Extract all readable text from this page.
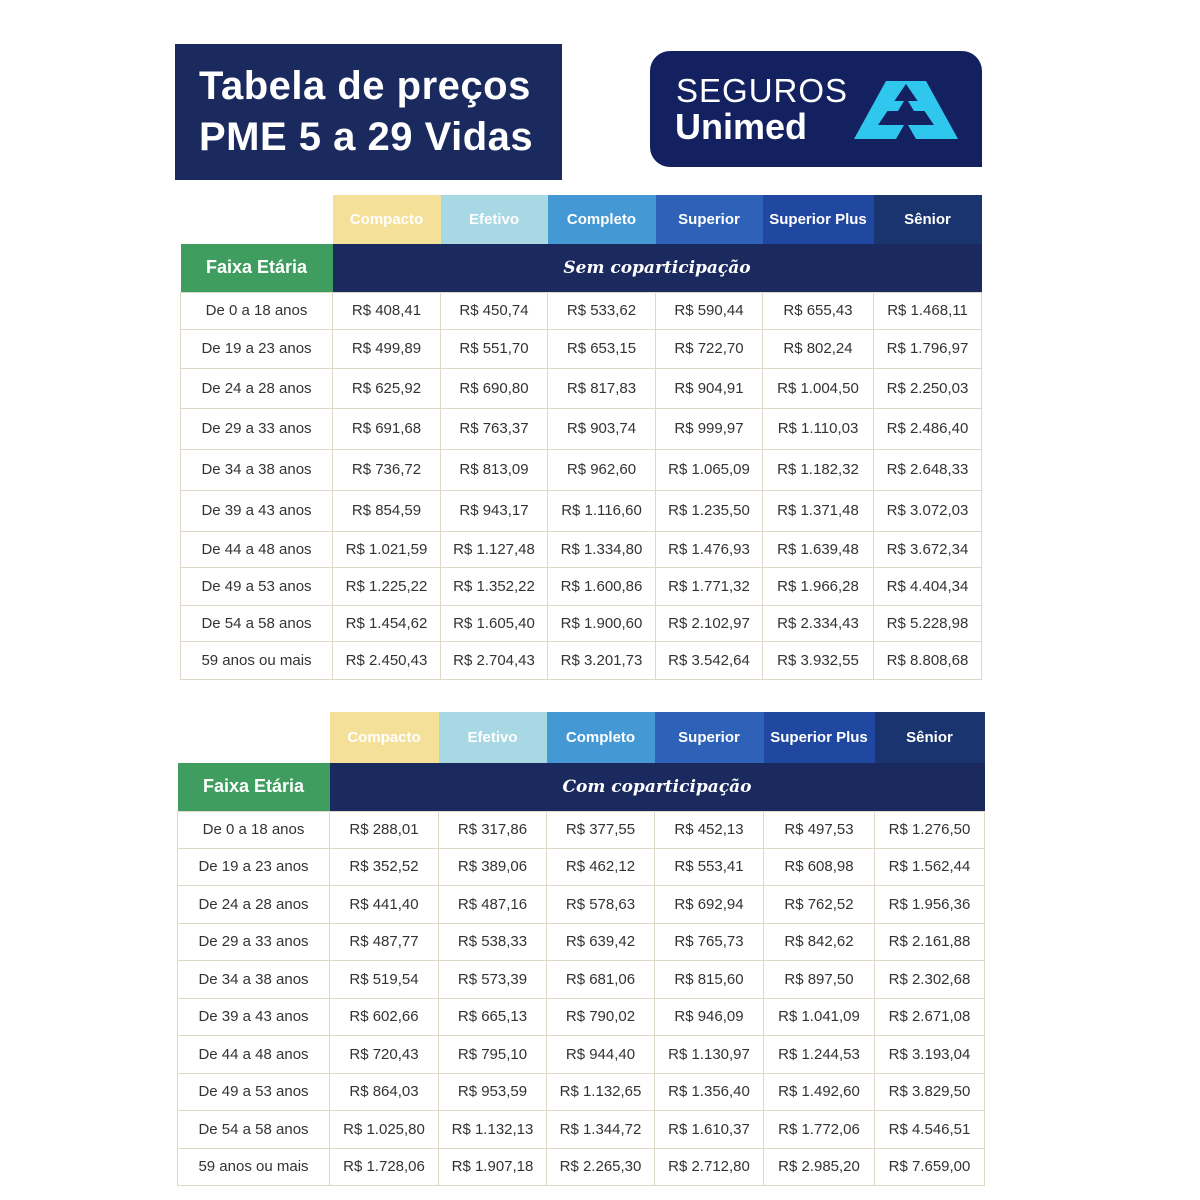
Tabela de preços
PME 5 a 29 Vidas
SEGUROS
Unimed
	Compacto	Efetivo	Completo	Superior	Superior Plus	Sênior
Faixa Etária	Sem coparticipação					
De 0 a 18 anos	R$ 408,41	R$ 450,74	R$ 533,62	R$ 590,44	R$ 655,43	R$ 1.468,11
De 19 a 23 anos	R$ 499,89	R$ 551,70	R$ 653,15	R$ 722,70	R$ 802,24	R$ 1.796,97
De 24 a 28 anos	R$ 625,92	R$ 690,80	R$ 817,83	R$ 904,91	R$ 1.004,50	R$ 2.250,03
De 29 a 33 anos	R$ 691,68	R$ 763,37	R$ 903,74	R$ 999,97	R$ 1.110,03	R$ 2.486,40
De 34 a 38 anos	R$ 736,72	R$ 813,09	R$ 962,60	R$ 1.065,09	R$ 1.182,32	R$ 2.648,33
De 39 a 43 anos	R$ 854,59	R$ 943,17	R$ 1.116,60	R$ 1.235,50	R$ 1.371,48	R$ 3.072,03
De 44 a 48 anos	R$ 1.021,59	R$ 1.127,48	R$ 1.334,80	R$ 1.476,93	R$ 1.639,48	R$ 3.672,34
De 49 a 53 anos	R$ 1.225,22	R$ 1.352,22	R$ 1.600,86	R$ 1.771,32	R$ 1.966,28	R$ 4.404,34
De 54 a 58 anos	R$ 1.454,62	R$ 1.605,40	R$ 1.900,60	R$ 2.102,97	R$ 2.334,43	R$ 5.228,98
59 anos ou mais	R$ 2.450,43	R$ 2.704,43	R$ 3.201,73	R$ 3.542,64	R$ 3.932,55	R$ 8.808,68
	Compacto	Efetivo	Completo	Superior	Superior Plus	Sênior
Faixa Etária	Com coparticipação					
De 0 a 18 anos	R$ 288,01	R$ 317,86	R$ 377,55	R$ 452,13	R$ 497,53	R$ 1.276,50
De 19 a 23 anos	R$ 352,52	R$ 389,06	R$ 462,12	R$ 553,41	R$ 608,98	R$ 1.562,44
De 24 a 28 anos	R$ 441,40	R$ 487,16	R$ 578,63	R$ 692,94	R$ 762,52	R$ 1.956,36
De 29 a 33 anos	R$ 487,77	R$ 538,33	R$ 639,42	R$ 765,73	R$ 842,62	R$ 2.161,88
De 34 a 38 anos	R$ 519,54	R$ 573,39	R$ 681,06	R$ 815,60	R$ 897,50	R$ 2.302,68
De 39 a 43 anos	R$ 602,66	R$ 665,13	R$ 790,02	R$ 946,09	R$ 1.041,09	R$ 2.671,08
De 44 a 48 anos	R$ 720,43	R$ 795,10	R$ 944,40	R$ 1.130,97	R$ 1.244,53	R$ 3.193,04
De 49 a 53 anos	R$ 864,03	R$ 953,59	R$ 1.132,65	R$ 1.356,40	R$ 1.492,60	R$ 3.829,50
De 54 a 58 anos	R$ 1.025,80	R$ 1.132,13	R$ 1.344,72	R$ 1.610,37	R$ 1.772,06	R$ 4.546,51
59 anos ou mais	R$ 1.728,06	R$ 1.907,18	R$ 2.265,30	R$ 2.712,80	R$ 2.985,20	R$ 7.659,00
